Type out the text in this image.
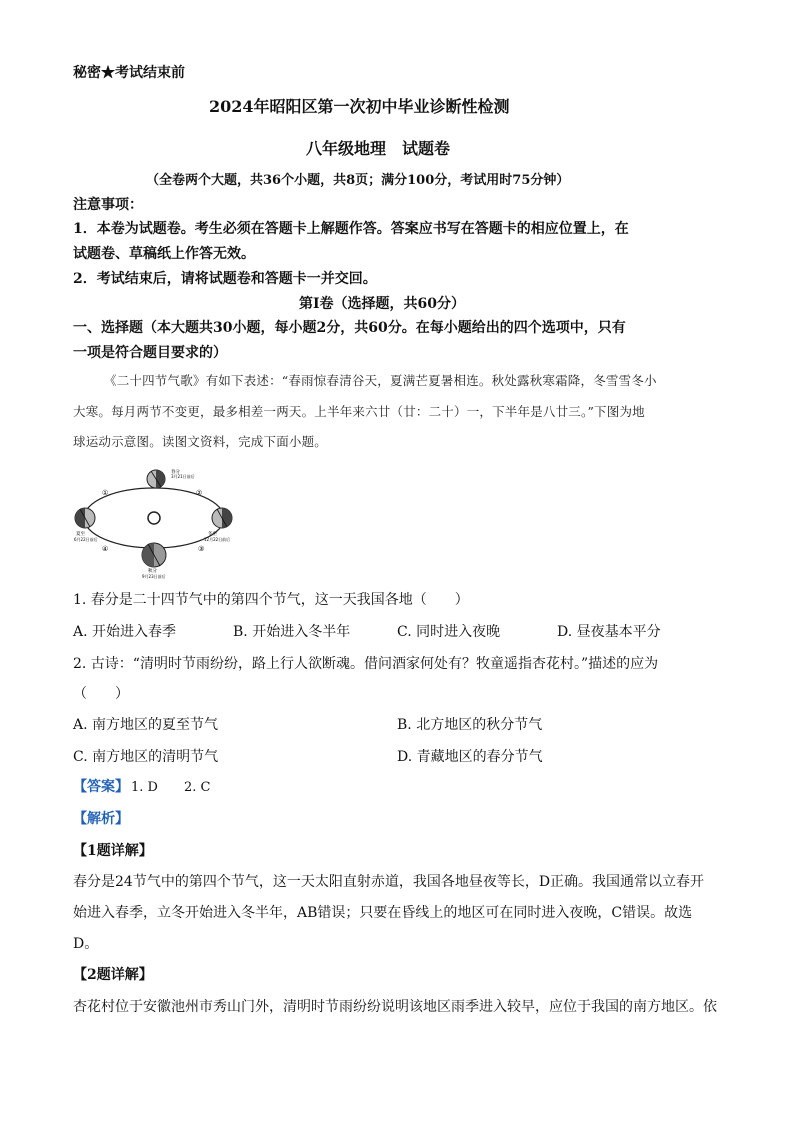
秘密★考试结束前
2024年昭阳区第一次初中毕业诊断性检测
八年级地理　试题卷
（全卷两个大题，共36个小题，共8页；满分100分，考试用时75分钟）
注意事项：
1．本卷为试题卷。考生必须在答题卡上解题作答。答案应书写在答题卡的相应位置上，在
试题卷、草稿纸上作答无效。
2．考试结束后，请将试题卷和答题卡一并交回。
第Ⅰ卷（选择题，共60分）
一、选择题（本大题共30小题，每小题2分，共60分。在每小题给出的四个选项中，只有
一项是符合题目要求的）
《二十四节气歌》有如下表述：“春雨惊春清谷天，夏满芒夏暑相连。秋处露秋寒霜降，冬雪雪冬小
大寒。每月两节不变更，最多相差一两天。上半年来六廿（廿：二十）一，下半年是八廿三。”下图为地
球运动示意图。读图文资料，完成下面小题。
春分
3月21日前后
夏至
6月22日前后
冬至
12月22日前后
秋分
9月23日前后
①	②
③
④
1. 春分是二十四节气中的第四个节气，这一天我国各地（　　）
A. 开始进入春季	B. 开始进入冬半年	C. 同时进入夜晚	D. 昼夜基本平分
2. 古诗：“清明时节雨纷纷，路上行人欲断魂。借问酒家何处有？牧童遥指杏花村。”描述的应为
（　　）
A. 南方地区的夏至节气	B. 北方地区的秋分节气
C. 南方地区的清明节气	D. 青藏地区的春分节气
【答案】 1. D　　2. C
【解析】
【1题详解】
春分是24节气中的第四个节气，这一天太阳直射赤道，我国各地昼夜等长，D正确。我国通常以立春开
始进入春季，立冬开始进入冬半年，AB错误；只要在昏线上的地区可在同时进入夜晚，C错误。故选
D。
【2题详解】
杏花村位于安徽池州市秀山门外，清明时节雨纷纷说明该地区雨季进入较早，应位于我国的南方地区。依
